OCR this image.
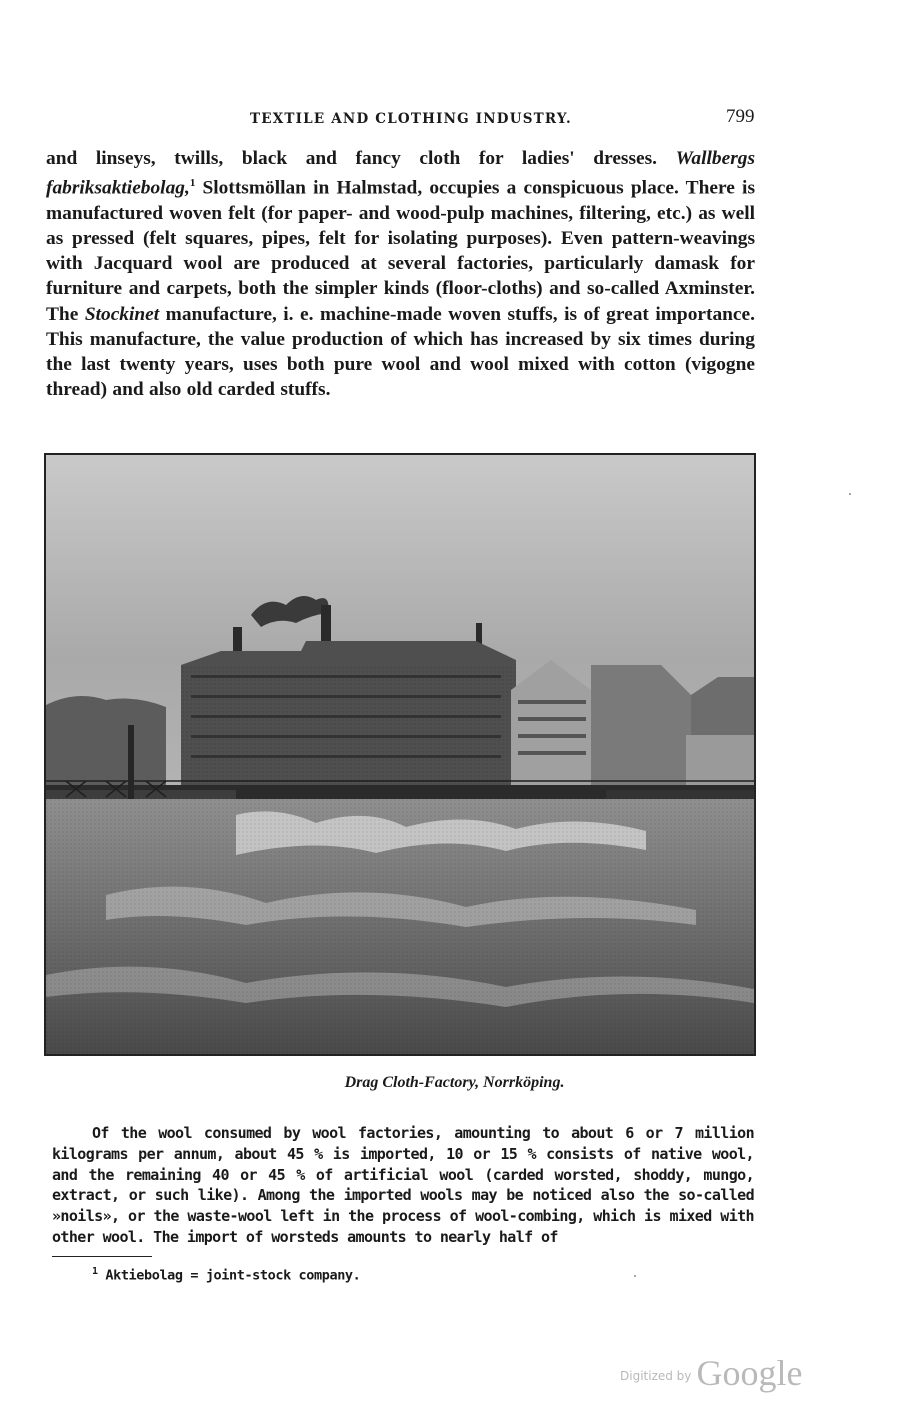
TEXTILE AND CLOTHING INDUSTRY.	799

and linseys, twills, black and fancy cloth for ladies' dresses. Wallbergs fabriksaktiebolag,$^1$ Slottsmöllan in Halmstad, occupies a conspicuous place. There is manufactured woven felt (for paper- and wood-pulp machines, filtering, etc.) as well as pressed (felt squares, pipes, felt for isolating purposes). Even pattern-weavings with Jacquard wool are produced at several factories, particularly damask for furniture and carpets, both the simpler kinds (floor-cloths) and so-called Axminster. The Stockinet manufacture, i. e. machine-made woven stuffs, is of great importance. This manufacture, the value production of which has increased by six times during the last twenty years, uses both pure wool and wool mixed with cotton (vigogne thread) and also old carded stuffs.

Drag Cloth-Factory, Norrköping.

Of the wool consumed by wool factories, amounting to about 6 or 7 million kilograms per annum, about 45 % is imported, 10 or 15 % consists of native wool, and the remaining 40 or 45 % of artificial wool (carded worsted, shoddy, mungo, extract, or such like). Among the imported wools may be noticed also the so-called »noils», or the waste-wool left in the process of wool-combing, which is mixed with other wool. The import of worsteds amounts to nearly half of

$^1$ Aktiebolag = joint-stock company.
Digitized by Google
